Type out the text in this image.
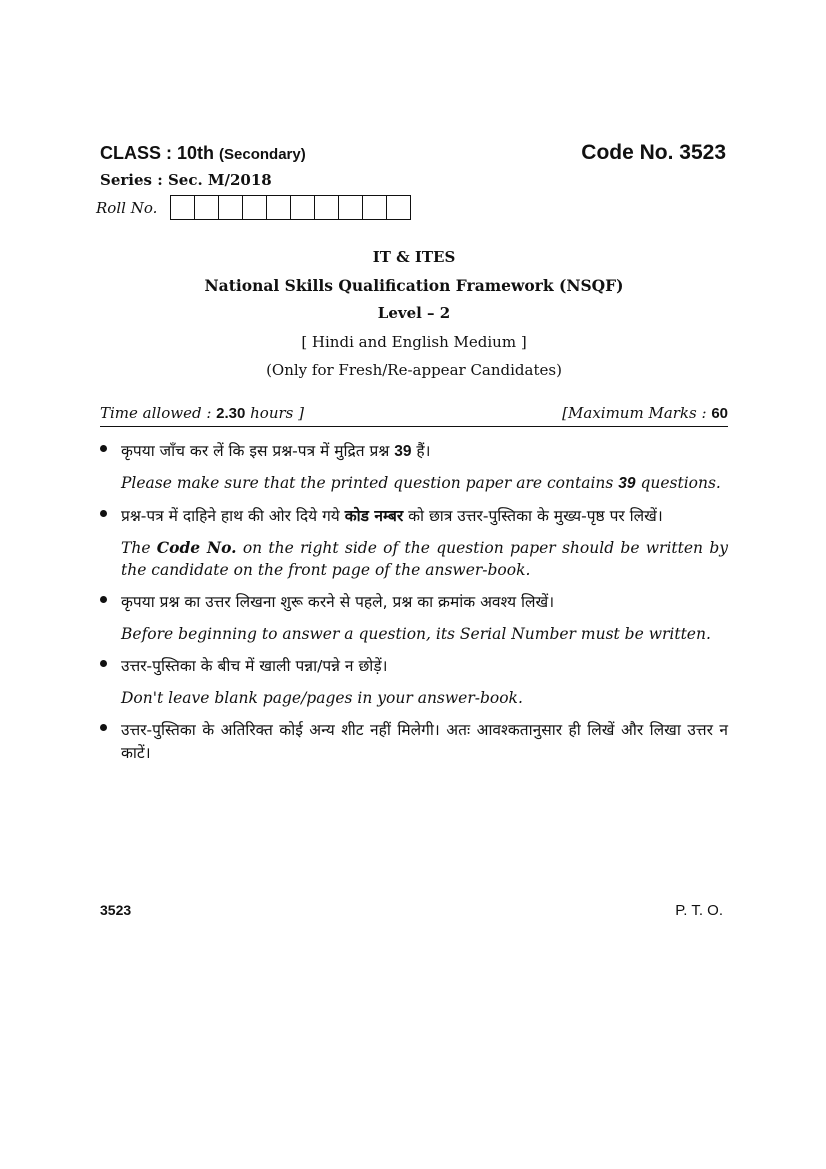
CLASS : 10th (Secondary)	Code No. 3523
Series : Sec. M/2018
Roll No.
IT & ITES
National Skills Qualification Framework (NSQF)
Level – 2
[ Hindi and English Medium ]
(Only for Fresh/Re-appear Candidates)
Time allowed : 2.30 hours ]	[Maximum Marks : 60
कृपया जाँच कर लें कि इस प्रश्न-पत्र में मुद्रित प्रश्न 39 हैं।
Please make sure that the printed question paper are contains 39 questions.
प्रश्न-पत्र में दाहिने हाथ की ओर दिये गये कोड नम्बर को छात्र उत्तर-पुस्तिका के मुख्य-पृष्ठ पर लिखें।
The Code No. on the right side of the question paper should be written by the candidate on the front page of the answer-book.
कृपया प्रश्न का उत्तर लिखना शुरू करने से पहले, प्रश्न का क्रमांक अवश्य लिखें।
Before beginning to answer a question, its Serial Number must be written.
उत्तर-पुस्तिका के बीच में खाली पन्ना/पन्ने न छोड़ें।
Don't leave blank page/pages in your answer-book.
उत्तर-पुस्तिका के अतिरिक्त कोई अन्य शीट नहीं मिलेगी। अतः आवश्कतानुसार ही लिखें और लिखा उत्तर न काटें।
3523	P. T. O.
